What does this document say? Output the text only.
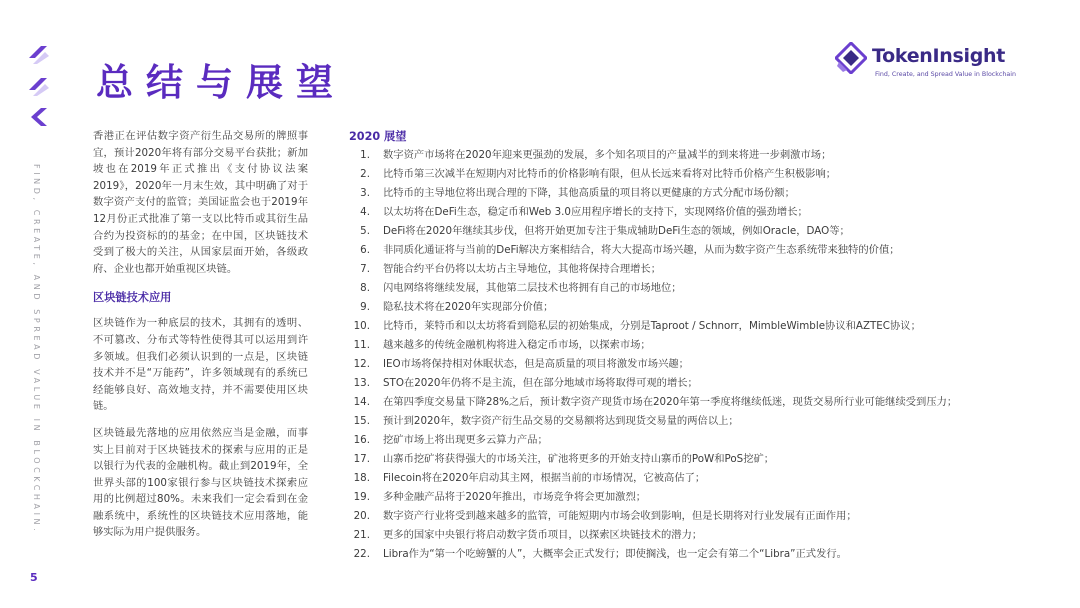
FIND, CREATE, AND SPREAD VALUE IN BLOCKCHAIN.
总结与展望
TokenInsight
Find, Create, and Spread Value in Blockchain

香港正在评估数字资产衍生品交易所的牌照事宜，预计2020年将有部分交易平台获批；新加坡也在2019年正式推出《支付协议法案2019》，2020年一月末生效，其中明确了对于数字资产支付的监管；美国证监会也于2019年12月份正式批准了第一支以比特币或其衍生品合约为投资标的的基金；在中国，区块链技术受到了极大的关注，从国家层面开始，各级政府、企业也都开始重视区块链。

区块链技术应用

区块链作为一种底层的技术，其拥有的透明、不可篡改、分布式等特性使得其可以运用到许多领域。但我们必须认识到的一点是，区块链技术并不是“万能药”，许多领域现有的系统已经能够良好、高效地支持，并不需要使用区块链。

区块链最先落地的应用依然应当是金融，而事实上目前对于区块链技术的探索与应用的正是以银行为代表的金融机构。截止到2019年，全世界头部的100家银行参与区块链技术探索应用的比例超过80%。未来我们一定会看到在金融系统中，系统性的区块链技术应用落地，能够实际为用户提供服务。

2020 展望
1.	数字资产市场将在2020年迎来更强劲的发展，多个知名项目的产量减半的到来将进一步刺激市场；
2.	比特币第三次减半在短期内对比特币的价格影响有限，但从长远来看将对比特币价格产生积极影响；
3.	比特币的主导地位将出现合理的下降，其他高质量的项目将以更健康的方式分配市场份额；
4.	以太坊将在DeFi生态，稳定币和Web 3.0应用程序增长的支持下，实现网络价值的强劲增长；
5.	DeFi将在2020年继续其步伐，但将开始更加专注于集成辅助DeFi生态的领域，例如Oracle，DAO等；
6.	非同质化通证将与当前的DeFi解决方案相结合，将大大提高市场兴趣，从而为数字资产生态系统带来独特的价值；
7.	智能合约平台仍将以太坊占主导地位，其他将保持合理增长；
8.	闪电网络将继续发展，其他第二层技术也将拥有自己的市场地位；
9.	隐私技术将在2020年实现部分价值；
10.	比特币，莱特币和以太坊将看到隐私层的初始集成，分别是Taproot / Schnorr，MimbleWimble协议和AZTEC协议；
11.	越来越多的传统金融机构将进入稳定币市场，以探索市场；
12.	IEO市场将保持相对休眠状态，但是高质量的项目将激发市场兴趣；
13.	STO在2020年仍将不是主流，但在部分地域市场将取得可观的增长；
14.	在第四季度交易量下降28%之后，预计数字资产现货市场在2020年第一季度将继续低迷，现货交易所行业可能继续受到压力；
15.	预计到2020年，数字资产衍生品交易的交易额将达到现货交易量的两倍以上；
16.	挖矿市场上将出现更多云算力产品；
17.	山寨币挖矿将获得强大的市场关注，矿池将更多的开始支持山寨币的PoW和PoS挖矿；
18.	Filecoin将在2020年启动其主网，根据当前的市场情况，它被高估了；
19.	多种金融产品将于2020年推出，市场竞争将会更加激烈；
20.	数字资产行业将受到越来越多的监管，可能短期内市场会收到影响，但是长期将对行业发展有正面作用；
21.	更多的国家中央银行将启动数字货币项目，以探索区块链技术的潜力；
22.	Libra作为“第一个吃螃蟹的人”，大概率会正式发行；即使搁浅，也一定会有第二个“Libra”正式发行。
5
